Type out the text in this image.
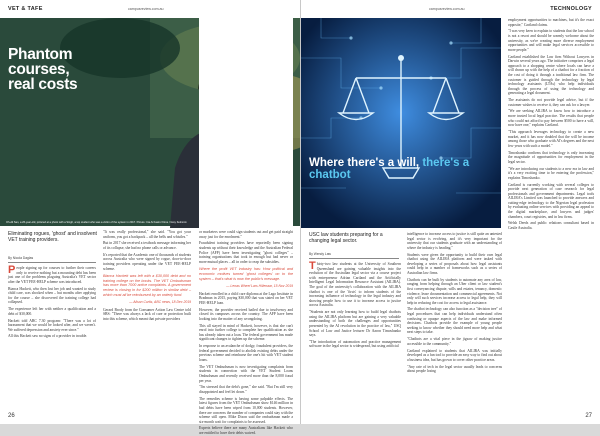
VET & TAFE	campusreview.com.au
Phantom
courses,
real costs
Oh-Ali San, a 26-year-old, pictured at a photo with a Singh, a top student who was a victim of the system in 2017. Picture: Cia Ai Kasim/ Kime / Grey Kelmmix
Eliminating rogues, 'ghost' and insolvent VET training providers.
By Nicola Daglas

People signing up for courses to further their careers only to receive nothing but a mounting debt has been just one of the problems plaguing Australia's VET sector after the VET FEE-HELP scheme was introduced.

Bianca Hackett, who then lost her job and wanted to study child care, was shocked when – but months after applying for the course – she discovered the training college had collapsed.

The experience left her with neither a qualification and a debt of $30,000.

Hackett told ABC 7.30 program: "There was a lot of harassment that we would be looked after, and we weren't. We suffered depression and anxiety ever since."

All this Hackett saw no signs of a provider in trouble.

"It was really professional," she said. "You got your uniform, you got a backpack – all the bells and whistles."

But in 2017 she received a textbook message informing her of its collapse, she had no phone calls or advance.

It's reported that the Academic one of thousands of students across Australia who were signed by rogue, door-to-door training providers operating under the VET FEE-HELP scheme.

Bianca Hackett was left with a $30,000 debt and no training college on the books. The VET Ombudsman has more than 7000 active complaints. A government review is closing in for $200 million in similar debt – which must all be reimbursed by an orderly fund.
— Alison Curtis, ABC news, 18 Dec 2019

Gerard Brody from the Consumer Action Law Centre told SBS: "There was always a lack of care or protection built into this scheme, which meant that private providers

or marketers were could sign students out and get paid straight away just for the enrolment."

Fraudulent training providers have reportedly been signing students up without their knowledge and the Australian Federal Police (AFP) have been investigating "ghost colleges" – training organisations that took in enough but had never or more mutual places – all in order to reap the subsidies.

Where the profit VET industry has: How political and economic motives turned 'ghost colleges' on to the system – that's what is now the public's message.
— Lenas Wheel Lars Hillenaar, 15 Nov 2019

Hackett enrolled in a child care diploma at the Lago Institute in Bradman in 2015, paying $30,000 that was stated on her VET FEE-HELP loan.

However, the provider received bailed due to insolvency and closed its campuses across the country. The AFP have been looking into the matter of any wrongdoing.

This all stayed in mind of Hackett, however, is that she can't enrol into further college to complete her qualification as she has already taken out a loan. The federal government has made significant changes to tighten up the scheme.

In response to an avalanche of dodgy, fraudulent providers, the federal government decided to abolish existing debts under the previous scheme and reimburse the one's hit with VET student loans.

The VET Ombudsman is now investigating complaints from students in connection with the VET Student Loans Ombudsman and recently received more than the 8,000 fraud per year.

"I'm stressed that the debt's gone," she said. "But I'm still very disappointed and feel let down."

The remedies scheme is having some palpable effects. The latest figures from the VET Ombudsman show $146 million in bad debts have been wiped from 10,000 students. However, there are concerns the number of companies could stay with the scheme still open. Mike Dixon said the ombudsman made a six-month wait for complaints to be assessed.

Experts believe there are many Australians like Hackett who are entitled to have their debts waived.

26
campusreview.com.au	TECHNOLOGY
Where there's a will, there's a chatbot

employment opportunities to machines, but it's the exact opposite," Cartland claims.

"I was very keen to explain to students that the law school is not a resort and should be warmly welcome about the university, as we're creating more diverse employment opportunities and will make legal services accessible to more people."

Cartland established the Law firm Without Lawyers in Darwin several years ago. The initiative comprises a legal approach to a shopping centre where locals can have a will drawn up with the help of a chatbot for a fraction of the cost of doing it through a traditional law firm. The customer is guided through the technology by legal technology assistants (LTAs) who help individuals through the process of using the technology and generating a legal document.

The assistants do not provide legal advice, but if the customer wishes to receive it, they can ask for a lawyer.

"We are seeking AILIRA to know how to introduce a more trusted local legal practice. The results that people who could not afford to pay between $500 to have a will, now have one," explains Cartland.

"This approach leverages technology to create a new market, and it has now doubled that the will be income among those who graduate with AI's degrees and the next few years with such a model."

Timoshanko confirms that technology is only increasing the magnitude of opportunities for employment in the legal sector.

"We are introducing our students to a new era in law and it's a very exciting time to be entering the profession," explains Timoshanko.

Cartland is currently working with several colleges to provide next generation of case research for legal professionals and government departments. Legal tools AILIRA's Limited was launched to provide answers and cutting-edge technology to the Nigerian legal profession by evaluating online services with providing an appeal to the digital marketplace, and lawyers and judges' chambers, court registries, and in law firms.

Welsh Deeds and public relations consultant based in Castle Australia.

USC law students preparing for a changing legal sector.
By Wendy Law

Thirty-two law students at the University of Southern Queensland are gaining valuable insights into the evolution of the Australian legal sector via a course project with entrepreneur Adrian Cartland and the Artificially Intelligent Legal Information Resource Assistant (AILIRA). The goal of the university's collaboration with the AILIRA chatbot is one of the 'firsts' to inform students of the increasing influence of technology in the legal industry and showing people how to use it to increase access to justice across Australia.

"Students are not only learning how to build legal chatbots using the AILIRA platform but are gaining a very valuable understanding of both the challenges and opportunities presented by the AI revolution in the practice of law," USQ School of Law and Justice lecturer Dr Aaron Timoshanko says.

"The introduction of automation and practice management software in the legal sector is widespread, but using artificial

intelligence to increase access to justice is still quite an untested legal sector is evolving, and it's very important for the university that our students graduate with an understanding of where the industry is heading."

Students were given the opportunity to build their own legal chatbot using the AILIRA platform and were tasked with developing a series of proposals about how legal assistants could help in a number of frameworks such as a series of Australian law firms.

Chatbots can be built by students to automate any area of law, ranging from helping through an Uber client or law student's first conveyancing dispute, wills and estates, tenancy, domestic violence, lease documentation and commercial agreements. Not only will such services increase access to legal help, they will help in reducing the cost for access to legal assistance.

The chatbot technology can also function as a "decision tree" of legal procedures that can help individuals understand often confusing or opaque aspects of the law and make informed decisions. Chatbots provide the example of young people seeking to know whether they should need more help and what next steps to take.

"Chatbots are a vital piece in the jigsaw of making justice accessible to the community."

Cartland explained to students that AILIRA was initially developed as a fun tool to provide an easy way to find out about a business idea, but has grown to cover other practice areas.

"Any rate of tech in the legal sector usually leads to concerns about people losing

27
